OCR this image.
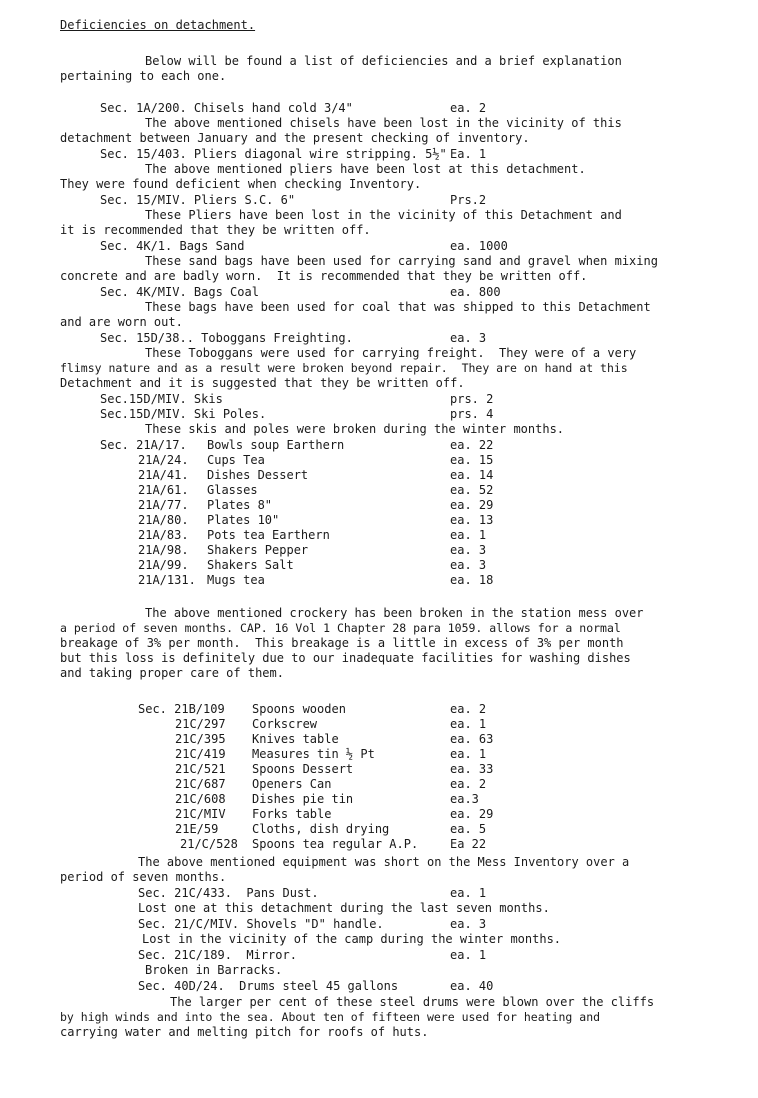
Deficiencies on detachment.
Below will be found a list of deficiencies and a brief explanation
pertaining to each one.
Sec. 1A/200. Chisels hand cold 3/4"	ea. 2
The above mentioned chisels have been lost in the vicinity of this
detachment between January and the present checking of inventory.
Sec. 15/403. Pliers diagonal wire stripping. 5½" Ea. 1
The above mentioned pliers have been lost at this detachment.
They were found deficient when checking Inventory.
Sec. 15/MIV. Pliers S.C. 6"	Prs.2
These Pliers have been lost in the vicinity of this Detachment and
it is recommended that they be written off.
Sec. 4K/1. Bags Sand	ea. 1000
These sand bags have been used for carrying sand and gravel when mixing
concrete and are badly worn.  It is recommended that they be written off.
Sec. 4K/MIV. Bags Coal	ea. 800
These bags have been used for coal that was shipped to this Detachment
and are worn out.
Sec. 15D/38.. Toboggans Freighting.	ea. 3
These Toboggans were used for carrying freight.  They were of a very
flimsy nature and as a result were broken beyond repair.  They are on hand at this
Detachment and it is suggested that they be written off.
Sec.15D/MIV. Skis	prs. 2
Sec.15D/MIV. Ski Poles.	prs. 4
These skis and poles were broken during the winter months.
Sec. 21A/17. Bowls soup Earthern	ea. 22
21A/24. Cups Tea	ea. 15
21A/41. Dishes Dessert	ea. 14
21A/61. Glasses	ea. 52
21A/77. Plates 8"	ea. 29
21A/80. Plates 10"	ea. 13
21A/83. Pots tea Earthern	ea. 1
21A/98. Shakers Pepper	ea. 3
21A/99. Shakers Salt	ea. 3
21A/131. Mugs tea	ea. 18
The above mentioned crockery has been broken in the station mess over
a period of seven months. CAP. 16 Vol 1 Chapter 28 para 1059. allows for a normal
breakage of 3% per month.  This breakage is a little in excess of 3% per month
but this loss is definitely due to our inadequate facilities for washing dishes
and taking proper care of them.
Sec. 21B/109 Spoons wooden	ea. 2
21C/297 Corkscrew	ea. 1
21C/395 Knives table	ea. 63
21C/419 Measures tin ½ Pt	ea. 1
21C/521 Spoons Dessert	ea. 33
21C/687 Openers Can	ea. 2
21C/608 Dishes pie tin	ea.3
21C/MIV Forks table	ea. 29
21E/59	Cloths, dish drying	ea. 5
21/C/528 Spoons tea regular A.P.	Ea 22
The above mentioned equipment was short on the Mess Inventory over a
period of seven months.
Sec. 21C/433.  Pans Dust.	ea. 1
Lost one at this detachment during the last seven months.
Sec. 21/C/MIV. Shovels "D" handle.	ea. 3
Lost in the vicinity of the camp during the winter months.
Sec. 21C/189.  Mirror.	ea. 1
Broken in Barracks.
Sec. 40D/24.  Drums steel 45 gallons	ea. 40
The larger per cent of these steel drums were blown over the cliffs
by high winds and into the sea. About ten of fifteen were used for heating and
carrying water and melting pitch for roofs of huts.
